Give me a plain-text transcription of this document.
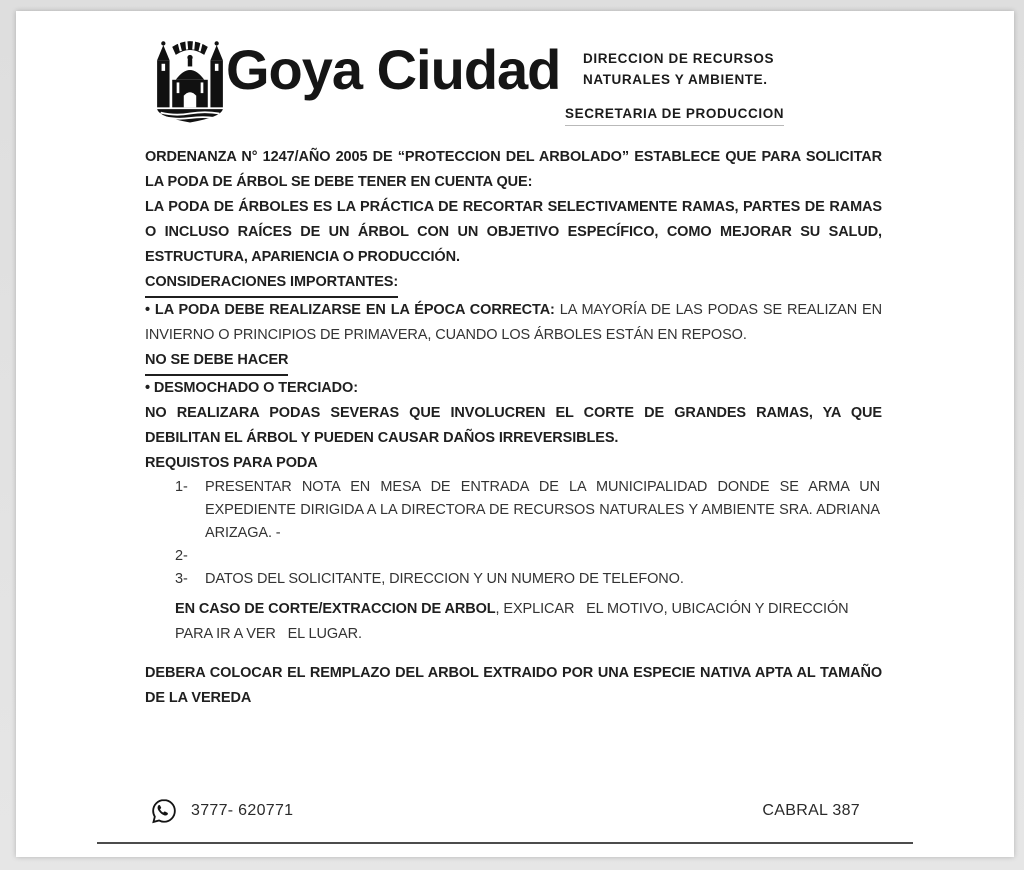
Goya Ciudad DIRECCION DE RECURSOS
NATURALES Y AMBIENTE.
SECRETARIA DE PRODUCCION

ORDENANZA N° 1247/AÑO 2005 DE “PROTECCION DEL ARBOLADO” ESTABLECE QUE PARA SOLICITAR LA PODA DE ÁRBOL SE DEBE TENER EN CUENTA QUE:

LA PODA DE ÁRBOLES ES LA PRÁCTICA DE RECORTAR SELECTIVAMENTE RAMAS, PARTES DE RAMAS O INCLUSO RAÍCES DE UN ÁRBOL CON UN OBJETIVO ESPECÍFICO, COMO MEJORAR SU SALUD, ESTRUCTURA, APARIENCIA O PRODUCCIÓN.

CONSIDERACIONES IMPORTANTES:

• LA PODA DEBE REALIZARSE EN LA ÉPOCA CORRECTA: LA MAYORÍA DE LAS PODAS SE REALIZAN EN INVIERNO O PRINCIPIOS DE PRIMAVERA, CUANDO LOS ÁRBOLES ESTÁN EN REPOSO.

NO SE DEBE HACER

• DESMOCHADO O TERCIADO:

NO REALIZARA PODAS SEVERAS QUE INVOLUCREN EL CORTE DE GRANDES RAMAS, YA QUE DEBILITAN EL ÁRBOL Y PUEDEN CAUSAR DAÑOS IRREVERSIBLES.

REQUISTOS PARA PODA

1-	PRESENTAR NOTA EN MESA DE ENTRADA DE LA MUNICIPALIDAD DONDE SE ARMA UN EXPEDIENTE DIRIGIDA A LA DIRECTORA DE RECURSOS NATURALES Y AMBIENTE SRA. ADRIANA ARIZAGA. -
2-
3-	DATOS DEL SOLICITANTE, DIRECCION Y UN NUMERO DE TELEFONO.

EN CASO DE CORTE/EXTRACCION DE ARBOL, EXPLICAR   EL MOTIVO, UBICACIÓN Y DIRECCIÓN   PARA IR A VER   EL LUGAR.

DEBERA COLOCAR EL REMPLAZO DEL ARBOL EXTRAIDO POR UNA ESPECIE NATIVA APTA AL TAMAÑO DE LA VEREDA

3777- 620771	CABRAL 387
